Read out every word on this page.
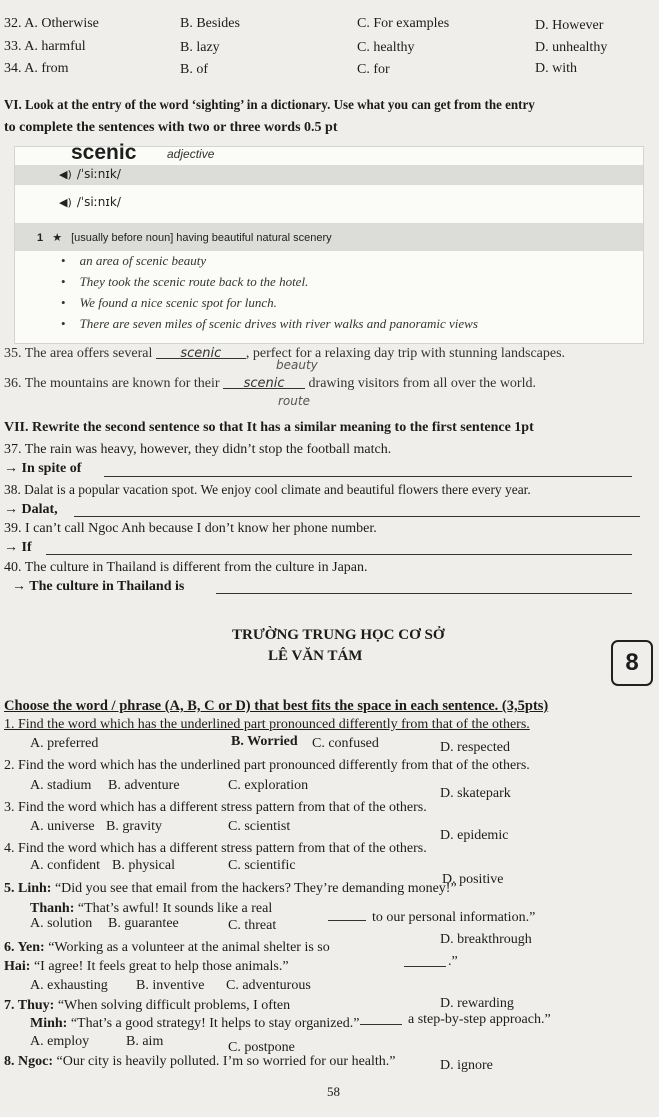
32. A. Otherwise	B. Besides	C. For examples	D. However
33. A. harmful	B. lazy	C. healthy	D. unhealthy
34. A. from	B. of	C. for	D. with
VI. Look at the entry of the word ‘sighting’ in a dictionary. Use what you can get from the entry
to complete the sentences with two or three words 0.5 pt
scenic	adjective
◀) /ˈsiːnɪk/
◀) /ˈsiːnɪk/
1 ★ [usually before noun] having beautiful natural scenery
• an area of scenic beauty
• They took the scenic route back to the hotel.
• We found a nice scenic spot for lunch.
• There are seven miles of scenic drives with river walks and panoramic views
35. The area offers several scenic , perfect for a relaxing day trip with stunning landscapes.
beauty
36. The mountains are known for their scenic drawing visitors from all over the world.
route
VII. Rewrite the second sentence so that It has a similar meaning to the first sentence 1pt
37. The rain was heavy, however, they didn’t stop the football match.
→ In spite of
38. Dalat is a popular vacation spot. We enjoy cool climate and beautiful flowers there every year.
→ Dalat,
39. I can’t call Ngoc Anh because I don’t know her phone number.
→ If
40. The culture in Thailand is different from the culture in Japan.
→ The culture in Thailand is
TRƯỜNG TRUNG HỌC CƠ SỞ
LÊ VĂN TÁM	8
Choose the word / phrase (A, B, C or D) that best fits the space in each sentence. (3,5pts)
1. Find the word which has the underlined part pronounced differently from that of the others.
A. preferred	B. Worried C. confused	D. respected
2. Find the word which has the underlined part pronounced differently from that of the others.
A. stadium B. adventure	C. exploration
D. skatepark
3. Find the word which has a different stress pattern from that of the others.
A. universe B. gravity	C. scientist
D. epidemic
4. Find the word which has a different stress pattern from that of the others.
A. confident B. physical	C. scientific
D. positive
5. Linh: “Did you see that email from the hackers? They’re demanding money!”
Thanh: “That’s awful! It sounds like a real
to our personal information.”
A. solution B. guarantee	C. threat
D. breakthrough
6. Yen: “Working as a volunteer at the animal shelter is so
.”
Hai: “I agree! It feels great to help those animals.”
A. exhausting B. inventive C. adventurous
D. rewarding
7. Thuy: “When solving difficult problems, I often
a step-by-step approach.”
Minh: “That’s a good strategy! It helps to stay organized.”
A. employ	B. aim	C. postpone
D. ignore
8. Ngoc: “Our city is heavily polluted. I’m so worried for our health.”
58
